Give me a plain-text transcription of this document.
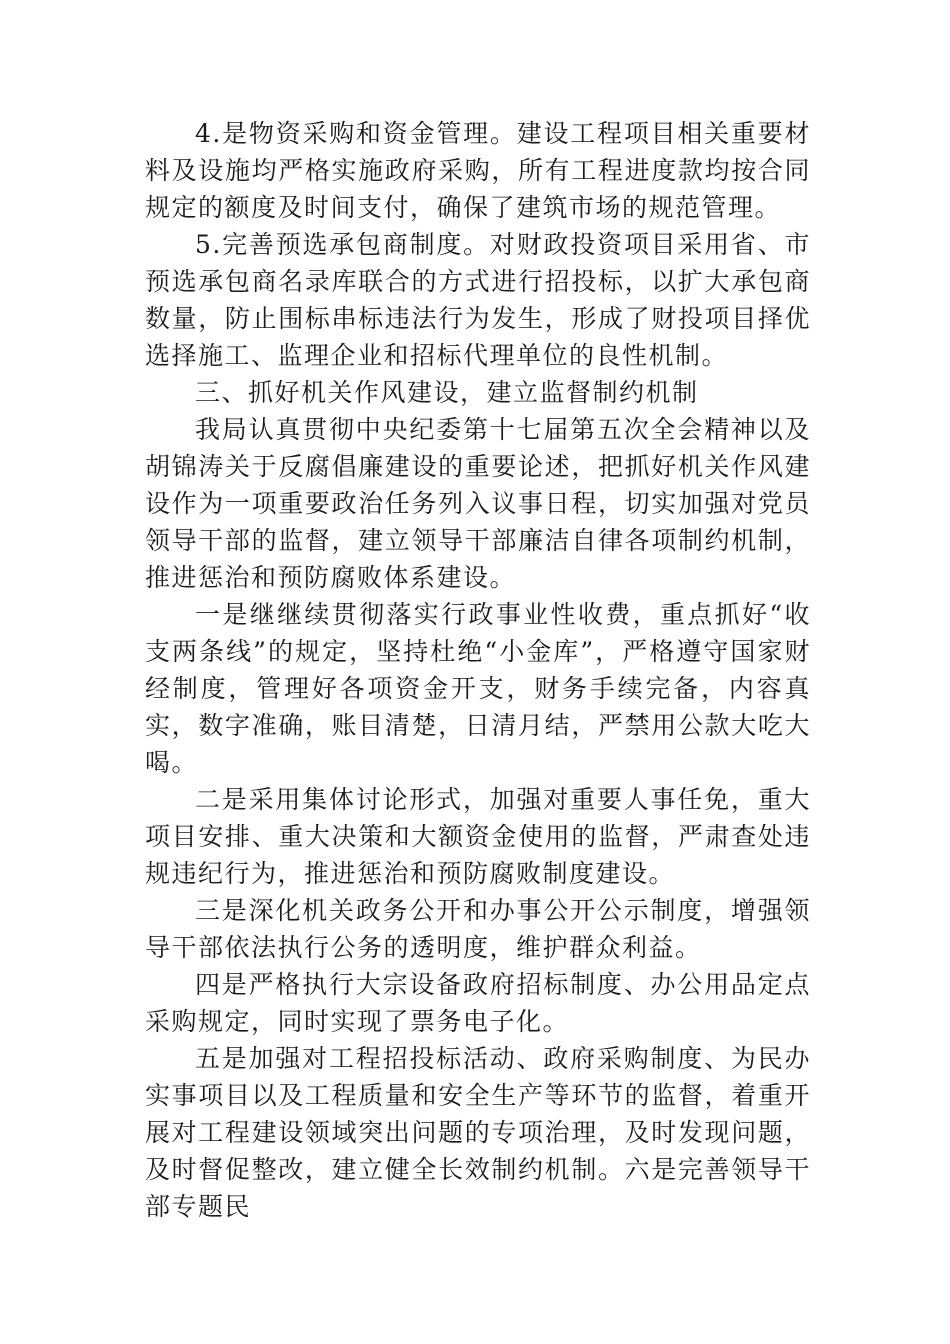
4.是物资采购和资金管理。建设工程项目相关重要材料及设施均严格实施政府采购，所有工程进度款均按合同规定的额度及时间支付，确保了建筑市场的规范管理。

5.完善预选承包商制度。对财政投资项目采用省、市预选承包商名录库联合的方式进行招投标，以扩大承包商数量，防止围标串标违法行为发生，形成了财投项目择优选择施工、监理企业和招标代理单位的良性机制。

三、抓好机关作风建设，建立监督制约机制

我局认真贯彻中央纪委第十七届第五次全会精神以及胡锦涛关于反腐倡廉建设的重要论述，把抓好机关作风建设作为一项重要政治任务列入议事日程，切实加强对党员领导干部的监督，建立领导干部廉洁自律各项制约机制，推进惩治和预防腐败体系建设。

一是继继续贯彻落实行政事业性收费，重点抓好“收支两条线”的规定，坚持杜绝“小金库”，严格遵守国家财经制度，管理好各项资金开支，财务手续完备，内容真实，数字准确，账目清楚，日清月结，严禁用公款大吃大喝。

二是采用集体讨论形式，加强对重要人事任免，重大项目安排、重大决策和大额资金使用的监督，严肃查处违规违纪行为，推进惩治和预防腐败制度建设。

三是深化机关政务公开和办事公开公示制度，增强领导干部依法执行公务的透明度，维护群众利益。

四是严格执行大宗设备政府招标制度、办公用品定点采购规定，同时实现了票务电子化。

五是加强对工程招投标活动、政府采购制度、为民办实事项目以及工程质量和安全生产等环节的监督，着重开展对工程建设领域突出问题的专项治理，及时发现问题，及时督促整改，建立健全长效制约机制。六是完善领导干部专题民
